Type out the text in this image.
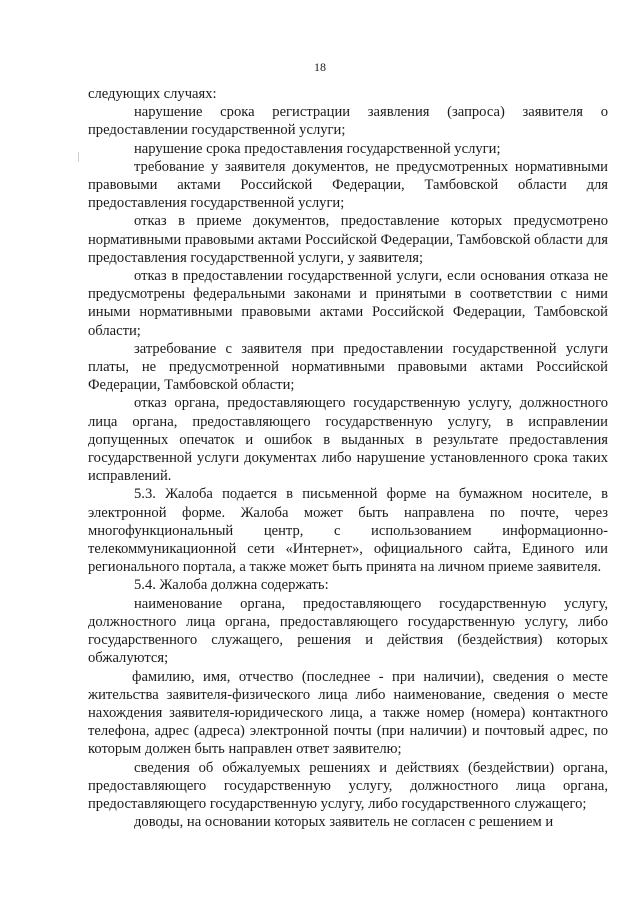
18

следующих случаях:

нарушение срока регистрации заявления (запроса) заявителя о предоставлении государственной услуги;

нарушение срока предоставления государственной услуги;

требование у заявителя документов, не предусмотренных нормативными правовыми актами Российской Федерации, Тамбовской области для предоставления государственной услуги;

отказ в приеме документов, предоставление которых предусмотрено нормативными правовыми актами Российской Федерации, Тамбовской области для предоставления государственной услуги, у заявителя;

отказ в предоставлении государственной услуги, если основания отказа не предусмотрены федеральными законами и принятыми в соответствии с ними иными нормативными правовыми актами Российской Федерации, Тамбовской области;

затребование с заявителя при предоставлении государственной услуги платы, не предусмотренной нормативными правовыми актами Российской Федерации, Тамбовской области;

отказ органа, предоставляющего государственную услугу, должностного лица органа, предоставляющего государственную услугу, в исправлении допущенных опечаток и ошибок в выданных в результате предоставления государственной услуги документах либо нарушение установленного срока таких исправлений.

5.3. Жалоба подается в письменной форме на бумажном носителе, в электронной форме. Жалоба может быть направлена по почте, через многофункциональный центр, с использованием информационно-телекоммуникационной сети «Интернет», официального сайта, Единого или регионального портала, а также может быть принята на личном приеме заявителя.

5.4. Жалоба должна содержать:

наименование органа, предоставляющего государственную услугу, должностного лица органа, предоставляющего государственную услугу, либо государственного служащего, решения и действия (бездействия) которых обжалуются;

фамилию, имя, отчество (последнее - при наличии), сведения о месте жительства заявителя-физического лица либо наименование, сведения о месте нахождения заявителя-юридического лица, а также номер (номера) контактного телефона, адрес (адреса) электронной почты (при наличии) и почтовый адрес, по которым должен быть направлен ответ заявителю;

сведения об обжалуемых решениях и действиях (бездействии) органа, предоставляющего государственную услугу, должностного лица органа, предоставляющего государственную услугу, либо государственного служащего;

доводы, на основании которых заявитель не согласен с решением и
